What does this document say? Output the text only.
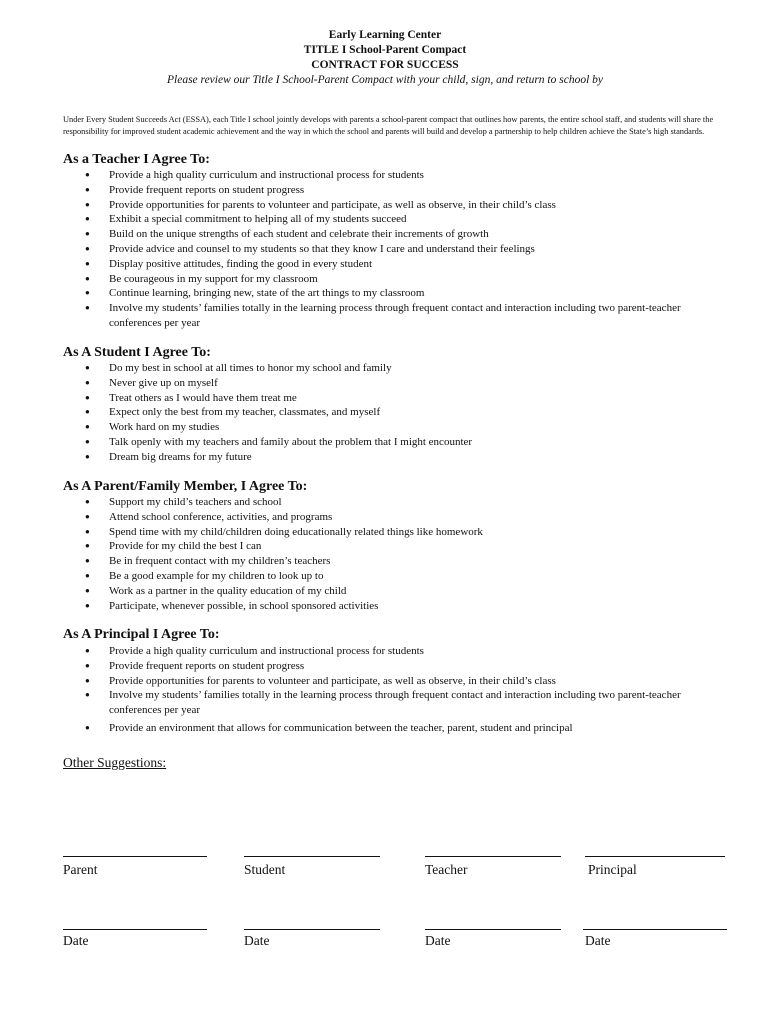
Early Learning Center
TITLE I School-Parent Compact
CONTRACT FOR SUCCESS
Please review our Title I School-Parent Compact with your child, sign, and return to school by
Under Every Student Succeeds Act (ESSA), each Title I school jointly develops with parents a school-parent compact that outlines how parents, the entire school staff, and students will share the responsibility for improved student academic achievement and the way in which the school and parents will build and develop a partnership to help children achieve the State’s high standards.
As a Teacher I Agree To:
● Provide a high quality curriculum and instructional process for students
● Provide frequent reports on student progress
● Provide opportunities for parents to volunteer and participate, as well as observe, in their child’s class
● Exhibit a special commitment to helping all of my students succeed
● Build on the unique strengths of each student and celebrate their increments of growth
● Provide advice and counsel to my students so that they know I care and understand their feelings
● Display positive attitudes, finding the good in every student
● Be courageous in my support for my classroom
● Continue learning, bringing new, state of the art things to my classroom
● Involve my students’ families totally in the learning process through frequent contact and interaction including two parent-teacher conferences per year
As A Student I Agree To:
● Do my best in school at all times to honor my school and family
● Never give up on myself
● Treat others as I would have them treat me
● Expect only the best from my teacher, classmates, and myself
● Work hard on my studies
● Talk openly with my teachers and family about the problem that I might encounter
● Dream big dreams for my future
As A Parent/Family Member, I Agree To:
● Support my child’s teachers and school
● Attend school conference, activities, and programs
● Spend time with my child/children doing educationally related things like homework
● Provide for my child the best I can
● Be in frequent contact with my children’s teachers
● Be a good example for my children to look up to
● Work as a partner in the quality education of my child
● Participate, whenever possible, in school sponsored activities
As A Principal I Agree To:
● Provide a high quality curriculum and instructional process for students
● Provide frequent reports on student progress
● Provide opportunities for parents to volunteer and participate, as well as observe, in their child’s class
● Involve my students’ families totally in the learning process through frequent contact and interaction including two parent-teacher conferences per year
● Provide an environment that allows for communication between the teacher, parent, student and principal
Other Suggestions:
Parent	Student	Teacher	Principal
Date	Date	Date	Date
